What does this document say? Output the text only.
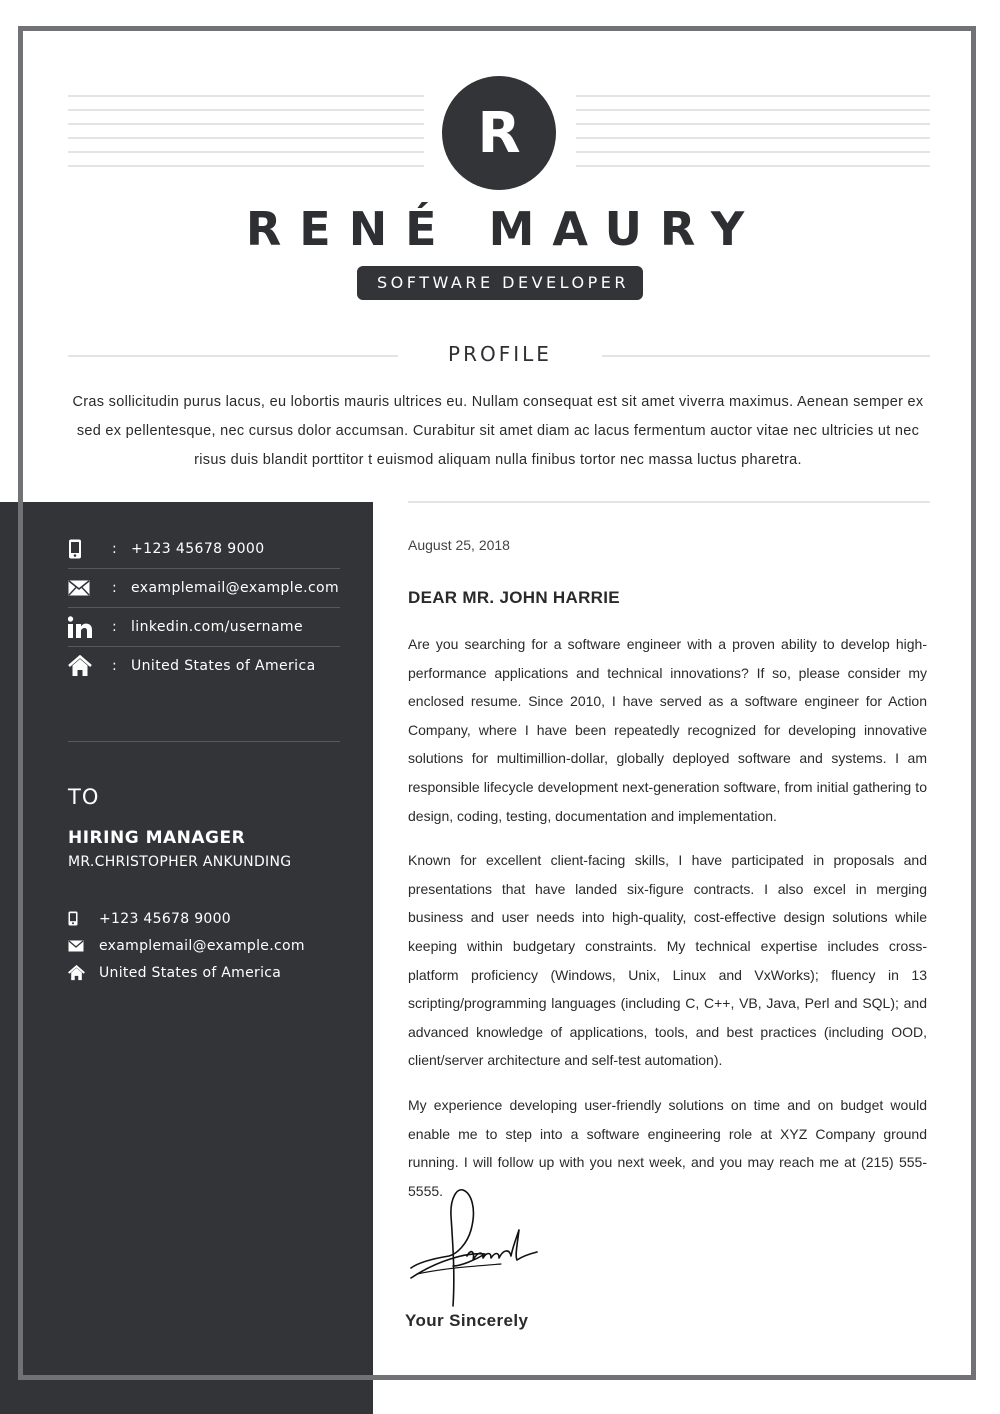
R
RENÉ MAURY
SOFTWARE DEVELOPER
PROFILE
Cras sollicitudin purus lacus, eu lobortis mauris ultrices eu. Nullam consequat est sit amet viverra maximus. Aenean semper ex sed ex pellentesque, nec cursus dolor accumsan. Curabitur sit amet diam ac lacus fermentum auctor vitae nec ultricies ut nec risus duis blandit porttitor t euismod aliquam nulla finibus tortor nec massa luctus pharetra.
: +123 45678 9000
: examplemail@example.com
: linkedin.com/username
: United States of America
TO
HIRING MANAGER
MR.CHRISTOPHER ANKUNDING
+123 45678 9000
examplemail@example.com
United States of America
August 25, 2018
DEAR MR. JOHN HARRIE

Are you searching for a software engineer with a proven ability to develop high-performance applications and technical innovations? If so, please consider my enclosed resume. Since 2010, I have served as a software engineer for Action Company, where I have been repeatedly recognized for developing innovative solutions for multimillion-dollar, globally deployed software and systems. I am responsible lifecycle development next-generation software, from initial gathering to design, coding, testing, documentation and implementation.

Known for excellent client-facing skills, I have participated in proposals and presentations that have landed six-figure contracts. I also excel in merging business and user needs into high-quality, cost-effective design solutions while keeping within budgetary constraints. My technical expertise includes cross-platform proficiency (Windows, Unix, Linux and VxWorks); fluency in 13 scripting/programming languages (including C, C++, VB, Java, Perl and SQL); and advanced knowledge of applications, tools, and best practices (including OOD, client/server architecture and self-test automation).

My experience developing user-friendly solutions on time and on budget would enable me to step into a software engineering role at XYZ Company ground running. I will follow up with you next week, and you may reach me at (215) 555-5555.

Your Sincerely
